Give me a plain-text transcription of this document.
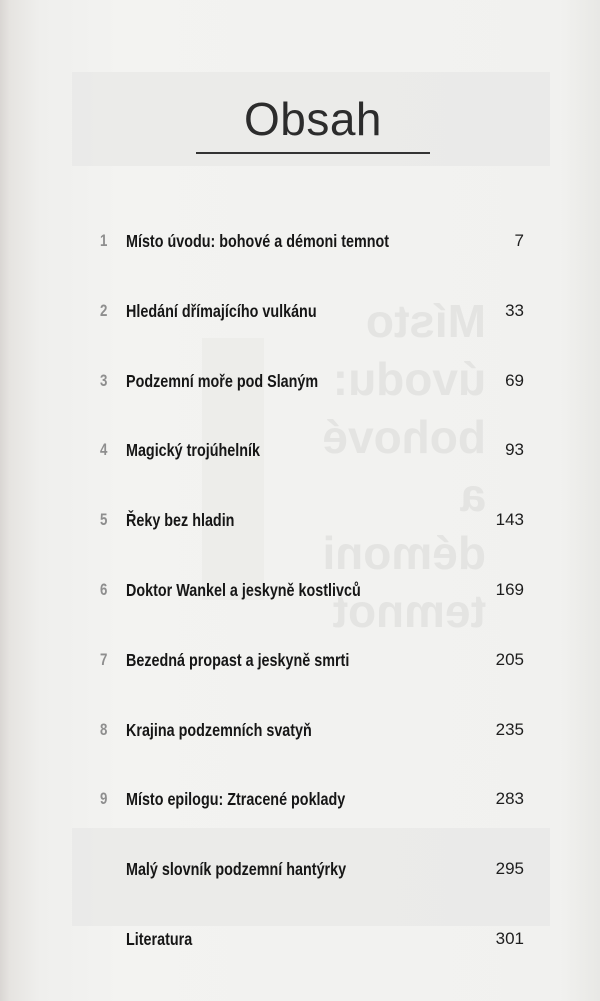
Místo úvodu: bohové a démoni temnot
Obsah
1 Místo úvodu: bohové a démoni temnot	7
2 Hledání dřímajícího vulkánu	33
3 Podzemní moře pod Slaným	69
4 Magický trojúhelník	93
5 Řeky bez hladin	143
6 Doktor Wankel a jeskyně kostlivců	169
7 Bezedná propast a jeskyně smrti	205
8 Krajina podzemních svatyň	235
9 Místo epilogu: Ztracené poklady	283
Malý slovník podzemní hantýrky	295
Literatura	301
